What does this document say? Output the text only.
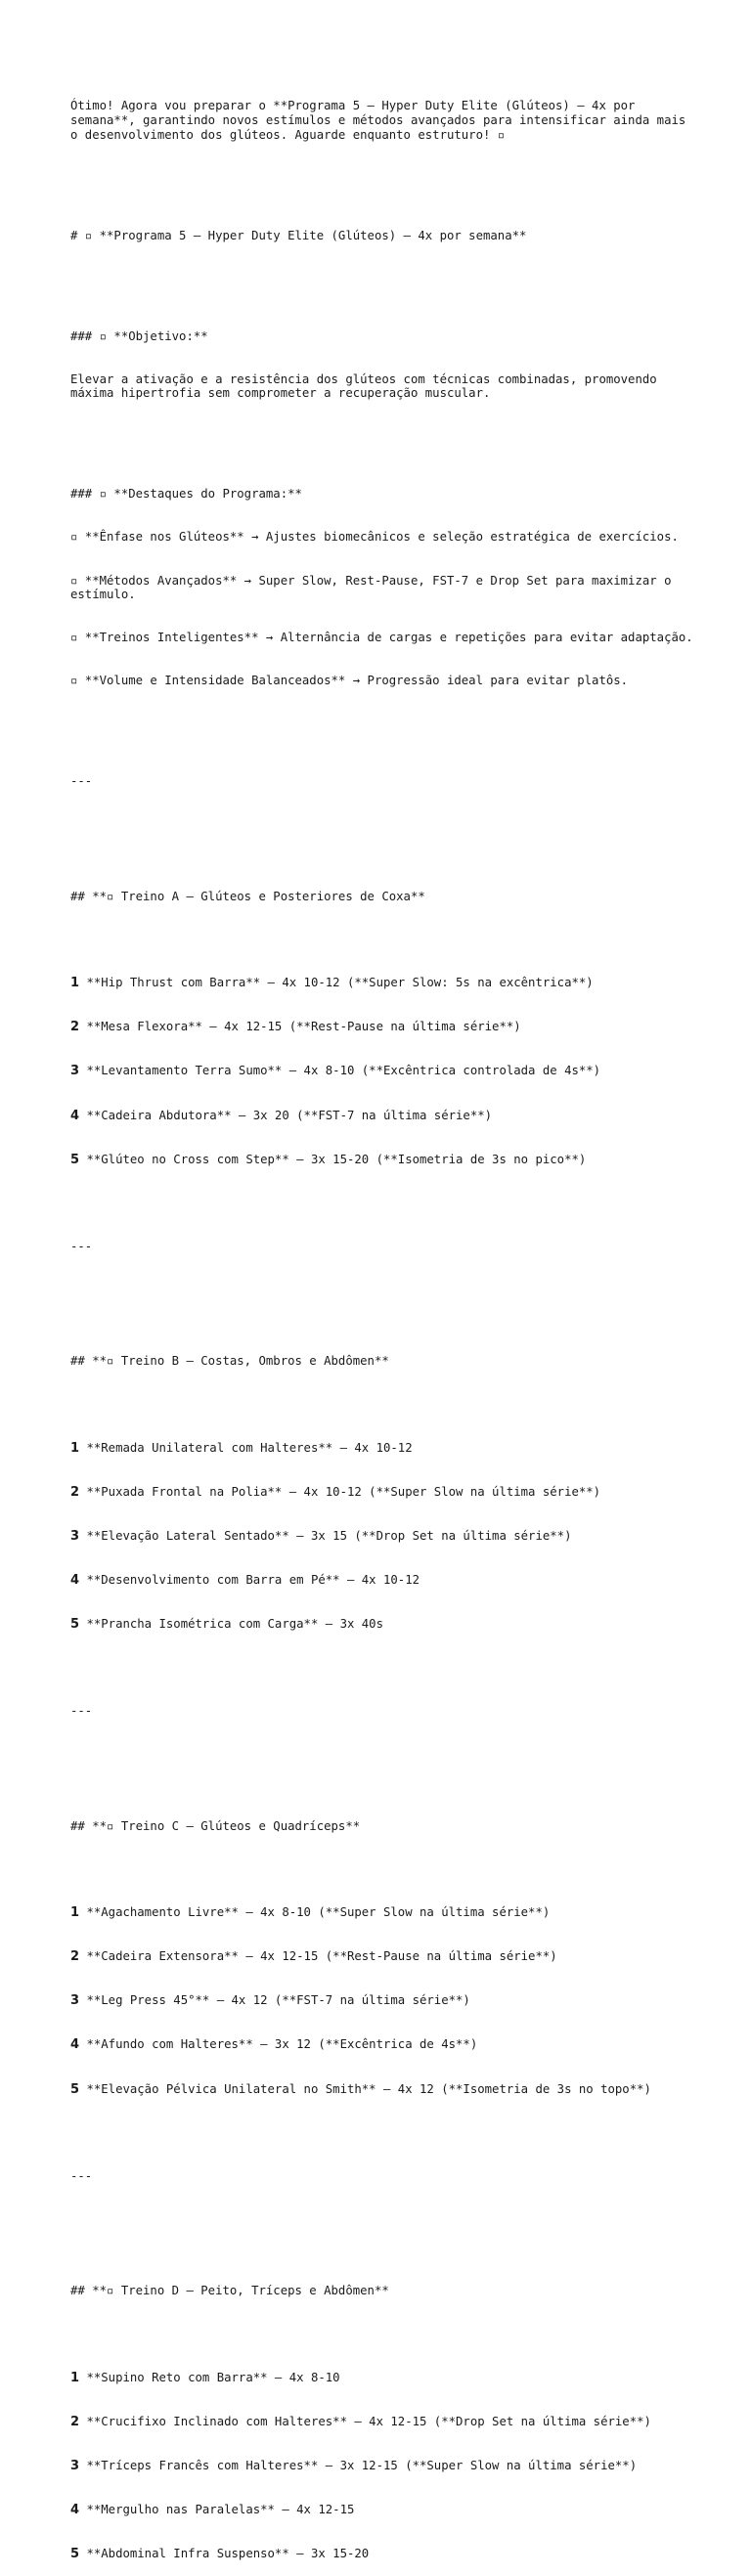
Ótimo! Agora vou preparar o **Programa 5 – Hyper Duty Elite (Glúteos) – 4x por semana**, garantindo novos estímulos e métodos avançados para intensificar ainda mais o desenvolvimento dos glúteos. Aguarde enquanto estruturo! ▫

# ▫ **Programa 5 – Hyper Duty Elite (Glúteos) – 4x por semana**

### ▫ **Objetivo:**

Elevar a ativação e a resistência dos glúteos com técnicas combinadas, promovendo máxima hipertrofia sem comprometer a recuperação muscular.

### ▫ **Destaques do Programa:**

▫ **Ênfase nos Glúteos** → Ajustes biomecânicos e seleção estratégica de exercícios.

▫ **Métodos Avançados** → Super Slow, Rest-Pause, FST-7 e Drop Set para maximizar o estímulo.

▫ **Treinos Inteligentes** → Alternância de cargas e repetições para evitar adaptação.

▫ **Volume e Intensidade Balanceados** → Progressão ideal para evitar platôs.

---

## **▫ Treino A – Glúteos e Posteriores de Coxa**

1 **Hip Thrust com Barra** – 4x 10-12 (**Super Slow: 5s na excêntrica**)

2 **Mesa Flexora** – 4x 12-15 (**Rest-Pause na última série**)

3 **Levantamento Terra Sumo** – 4x 8-10 (**Excêntrica controlada de 4s**)

4 **Cadeira Abdutora** – 3x 20 (**FST-7 na última série**)

5 **Glúteo no Cross com Step** – 3x 15-20 (**Isometria de 3s no pico**)

---

## **▫ Treino B – Costas, Ombros e Abdômen**

1 **Remada Unilateral com Halteres** – 4x 10-12

2 **Puxada Frontal na Polia** – 4x 10-12 (**Super Slow na última série**)

3 **Elevação Lateral Sentado** – 3x 15 (**Drop Set na última série**)

4 **Desenvolvimento com Barra em Pé** – 4x 10-12

5 **Prancha Isométrica com Carga** – 3x 40s

---

## **▫ Treino C – Glúteos e Quadríceps**

1 **Agachamento Livre** – 4x 8-10 (**Super Slow na última série**)

2 **Cadeira Extensora** – 4x 12-15 (**Rest-Pause na última série**)

3 **Leg Press 45°** – 4x 12 (**FST-7 na última série**)

4 **Afundo com Halteres** – 3x 12 (**Excêntrica de 4s**)

5 **Elevação Pélvica Unilateral no Smith** – 4x 12 (**Isometria de 3s no topo**)

---

## **▫ Treino D – Peito, Tríceps e Abdômen**

1 **Supino Reto com Barra** – 4x 8-10

2 **Crucifixo Inclinado com Halteres** – 4x 12-15 (**Drop Set na última série**)

3 **Tríceps Francês com Halteres** – 3x 12-15 (**Super Slow na última série**)

4 **Mergulho nas Paralelas** – 4x 12-15

5 **Abdominal Infra Suspenso** – 3x 15-20
